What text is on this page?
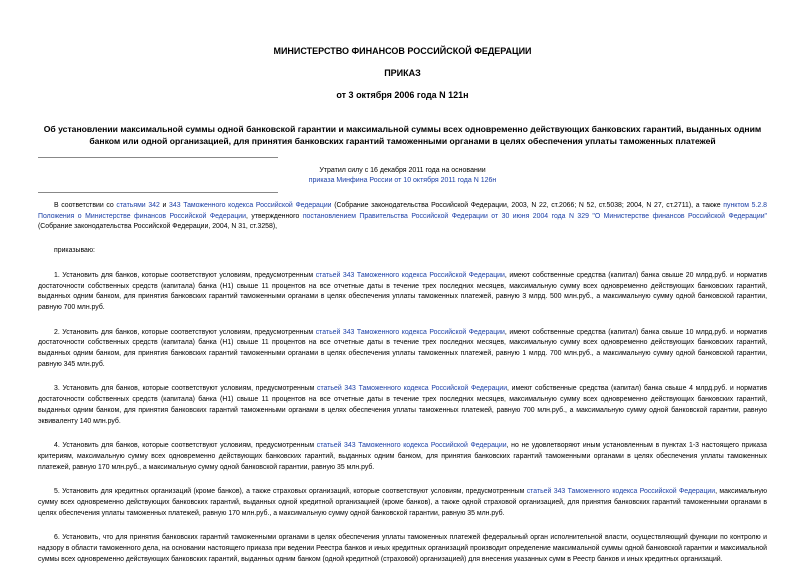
МИНИСТЕРСТВО ФИНАНСОВ РОССИЙСКОЙ ФЕДЕРАЦИИ
ПРИКАЗ
от 3 октября 2006 года N 121н
Об установлении максимальной суммы одной банковской гарантии и максимальной суммы всех одновременно действующих банковских гарантий, выданных одним банком или одной организацией, для принятия банковских гарантий таможенными органами в целях обеспечения уплаты таможенных платежей
Утратил силу с 16 декабря 2011 года на основании
приказа Минфина России от 10 октября 2011 года N 126н

В соответствии со статьями 342 и 343 Таможенного кодекса Российской Федерации (Собрание законодательства Российской Федерации, 2003, N 22, ст.2066; N 52, ст.5038; 2004, N 27, ст.2711), а также пунктом 5.2.8 Положения о Министерстве финансов Российской Федерации, утвержденного постановлением Правительства Российской Федерации от 30 июня 2004 года N 329 "О Министерстве финансов Российской Федерации" (Собрание законодательства Российской Федерации, 2004, N 31, ст.3258),

приказываю:

1. Установить для банков, которые соответствуют условиям, предусмотренным статьей 343 Таможенного кодекса Российской Федерации, имеют собственные средства (капитал) банка свыше 20 млрд.руб. и норматив достаточности собственных средств (капитала) банка (Н1) свыше 11 процентов на все отчетные даты в течение трех последних месяцев, максимальную сумму всех одновременно действующих банковских гарантий, выданных одним банком, для принятия банковских гарантий таможенными органами в целях обеспечения уплаты таможенных платежей, равную 3 млрд. 500 млн.руб., а максимальную сумму одной банковской гарантии, равную 700 млн.руб.

2. Установить для банков, которые соответствуют условиям, предусмотренным статьей 343 Таможенного кодекса Российской Федерации, имеют собственные средства (капитал) банка свыше 10 млрд.руб. и норматив достаточности собственных средств (капитала) банка (Н1) свыше 11 процентов на все отчетные даты в течение трех последних месяцев, максимальную сумму всех одновременно действующих банковских гарантий, выданных одним банком, для принятия банковских гарантий таможенными органами в целях обеспечения уплаты таможенных платежей, равную 1 млрд. 700 млн.руб., а максимальную сумму одной банковской гарантии, равную 345 млн.руб.

3. Установить для банков, которые соответствуют условиям, предусмотренным статьей 343 Таможенного кодекса Российской Федерации, имеют собственные средства (капитал) банка свыше 4 млрд.руб. и норматив достаточности собственных средств (капитала) банка (Н1) свыше 11 процентов на все отчетные даты в течение трех последних месяцев, максимальную сумму всех одновременно действующих банковских гарантий, выданных одним банком, для принятия банковских гарантий таможенными органами в целях обеспечения уплаты таможенных платежей, равную 700 млн.руб., а максимальную сумму одной банковской гарантии, равную эквиваленту 140 млн.руб.

4. Установить для банков, которые соответствуют условиям, предусмотренным статьей 343 Таможенного кодекса Российской Федерации, но не удовлетворяют иным установленным в пунктах 1-3 настоящего приказа критериям, максимальную сумму всех одновременно действующих банковских гарантий, выданных одним банком, для принятия банковских гарантий таможенными органами в целях обеспечения уплаты таможенных платежей, равную 170 млн.руб., а максимальную сумму одной банковской гарантии, равную 35 млн.руб.

5. Установить для кредитных организаций (кроме банков), а также страховых организаций, которые соответствуют условиям, предусмотренным статьей 343 Таможенного кодекса Российской Федерации, максимальную сумму всех одновременно действующих банковских гарантий, выданных одной кредитной организацией (кроме банков), а также одной страховой организацией, для принятия банковских гарантий таможенными органами в целях обеспечения уплаты таможенных платежей, равную 170 млн.руб., а максимальную сумму одной банковской гарантии, равную 35 млн.руб.

6. Установить, что для принятия банковских гарантий таможенными органами в целях обеспечения уплаты таможенных платежей федеральный орган исполнительной власти, осуществляющий функции по контролю и надзору в области таможенного дела, на основании настоящего приказа при ведении Реестра банков и иных кредитных организаций производит определение максимальной суммы одной банковской гарантии и максимальной суммы всех одновременно действующих банковских гарантий, выданных одним банком (одной кредитной (страховой) организацией) для внесения указанных сумм в Реестр банков и иных кредитных организаций.
